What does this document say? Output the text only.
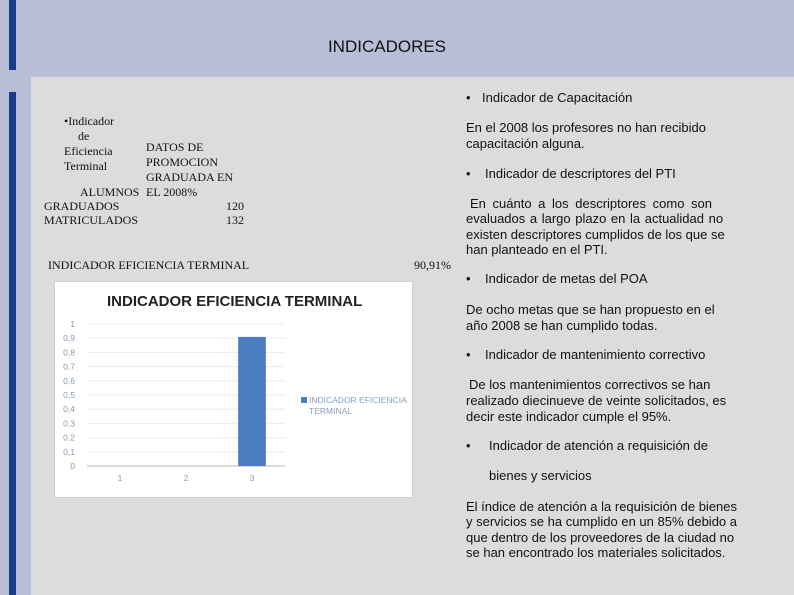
INDICADORES
•Indicador
de
Eficiencia
Terminal
DATOS DE
PROMOCION
GRADUADA EN
EL 2008%
ALUMNOS
GRADUADOS	120
MATRICULADOS	132
INDICADOR EFICIENCIA TERMINAL	90,91%
INDICADOR EFICIENCIA TERMINAL
0
0,1
0,2
0,3
0,4
0,5
0,6
0,7
0,8
0,9
1
1	2	3
INDICADOR EFICIENCIA
TERMINAL
• Indicador de Capacitación
En el 2008 los profesores no han recibido
capacitación alguna.
• Indicador de descriptores del PTI
En cuánto a los descriptores como son
evaluados a largo plazo en la actualidad no
existen descriptores cumplidos de los que se
han planteado en el PTI.
• Indicador de metas del POA
De ocho metas que se han propuesto en el
año 2008 se han cumplido todas.
• Indicador de mantenimiento correctivo
De los mantenimientos correctivos se han
realizado diecinueve de veinte solicitados, es
decir este indicador cumple el 95%.
• Indicador de atención a requisición de
bienes y servicios
El índice de atención a la requisición de bienes
y servicios se ha cumplido en un 85% debido a
que dentro de los proveedores de la ciudad no
se han encontrado los materiales solicitados.
